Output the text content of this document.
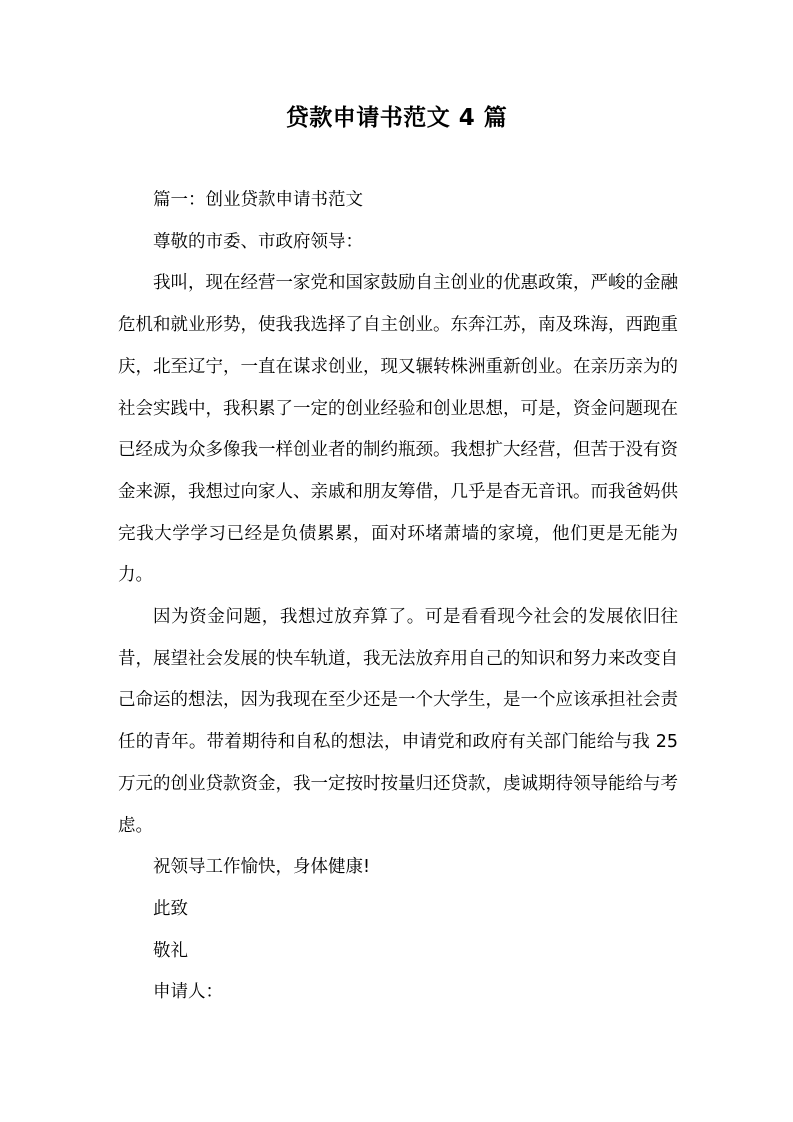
贷款申请书范文 4 篇

篇一：创业贷款申请书范文

尊敬的市委、市政府领导：

我叫，现在经营一家党和国家鼓励自主创业的优惠政策，严峻的金融危机和就业形势，使我我选择了自主创业。东奔江苏，南及珠海，西跑重庆，北至辽宁，一直在谋求创业，现又辗转株洲重新创业。在亲历亲为的社会实践中，我积累了一定的创业经验和创业思想，可是，资金问题现在已经成为众多像我一样创业者的制约瓶颈。我想扩大经营，但苦于没有资金来源，我想过向家人、亲戚和朋友筹借，几乎是杳无音讯。而我爸妈供完我大学学习已经是负债累累，面对环堵萧墙的家境，他们更是无能为力。

因为资金问题，我想过放弃算了。可是看看现今社会的发展依旧往昔，展望社会发展的快车轨道，我无法放弃用自己的知识和努力来改变自己命运的想法，因为我现在至少还是一个大学生，是一个应该承担社会责任的青年。带着期待和自私的想法，申请党和政府有关部门能给与我 25 万元的创业贷款资金，我一定按时按量归还贷款，虔诚期待领导能给与考虑。

祝领导工作愉快，身体健康!

此致

敬礼

申请人：
